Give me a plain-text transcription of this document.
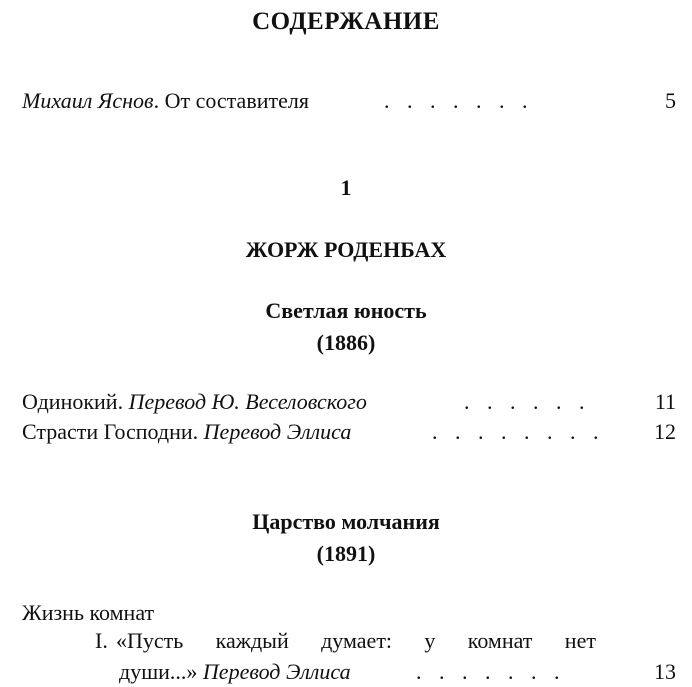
СОДЕРЖАНИЕ
Михаил Яснов. От составителя	. . . . . . .	5
1
ЖОРЖ РОДЕНБАХ
Светлая юность
(1886)
Одинокий. Перевод Ю. Веселовского	. . . . . .	11
Страсти Господни. Перевод Эллиса	. . . . . . . . 12
Царство молчания
(1891)
Жизнь комнат
I. «Пусть каждый думает: у комнат нет
души...» Перевод Эллиса	. . . . . . .	13
